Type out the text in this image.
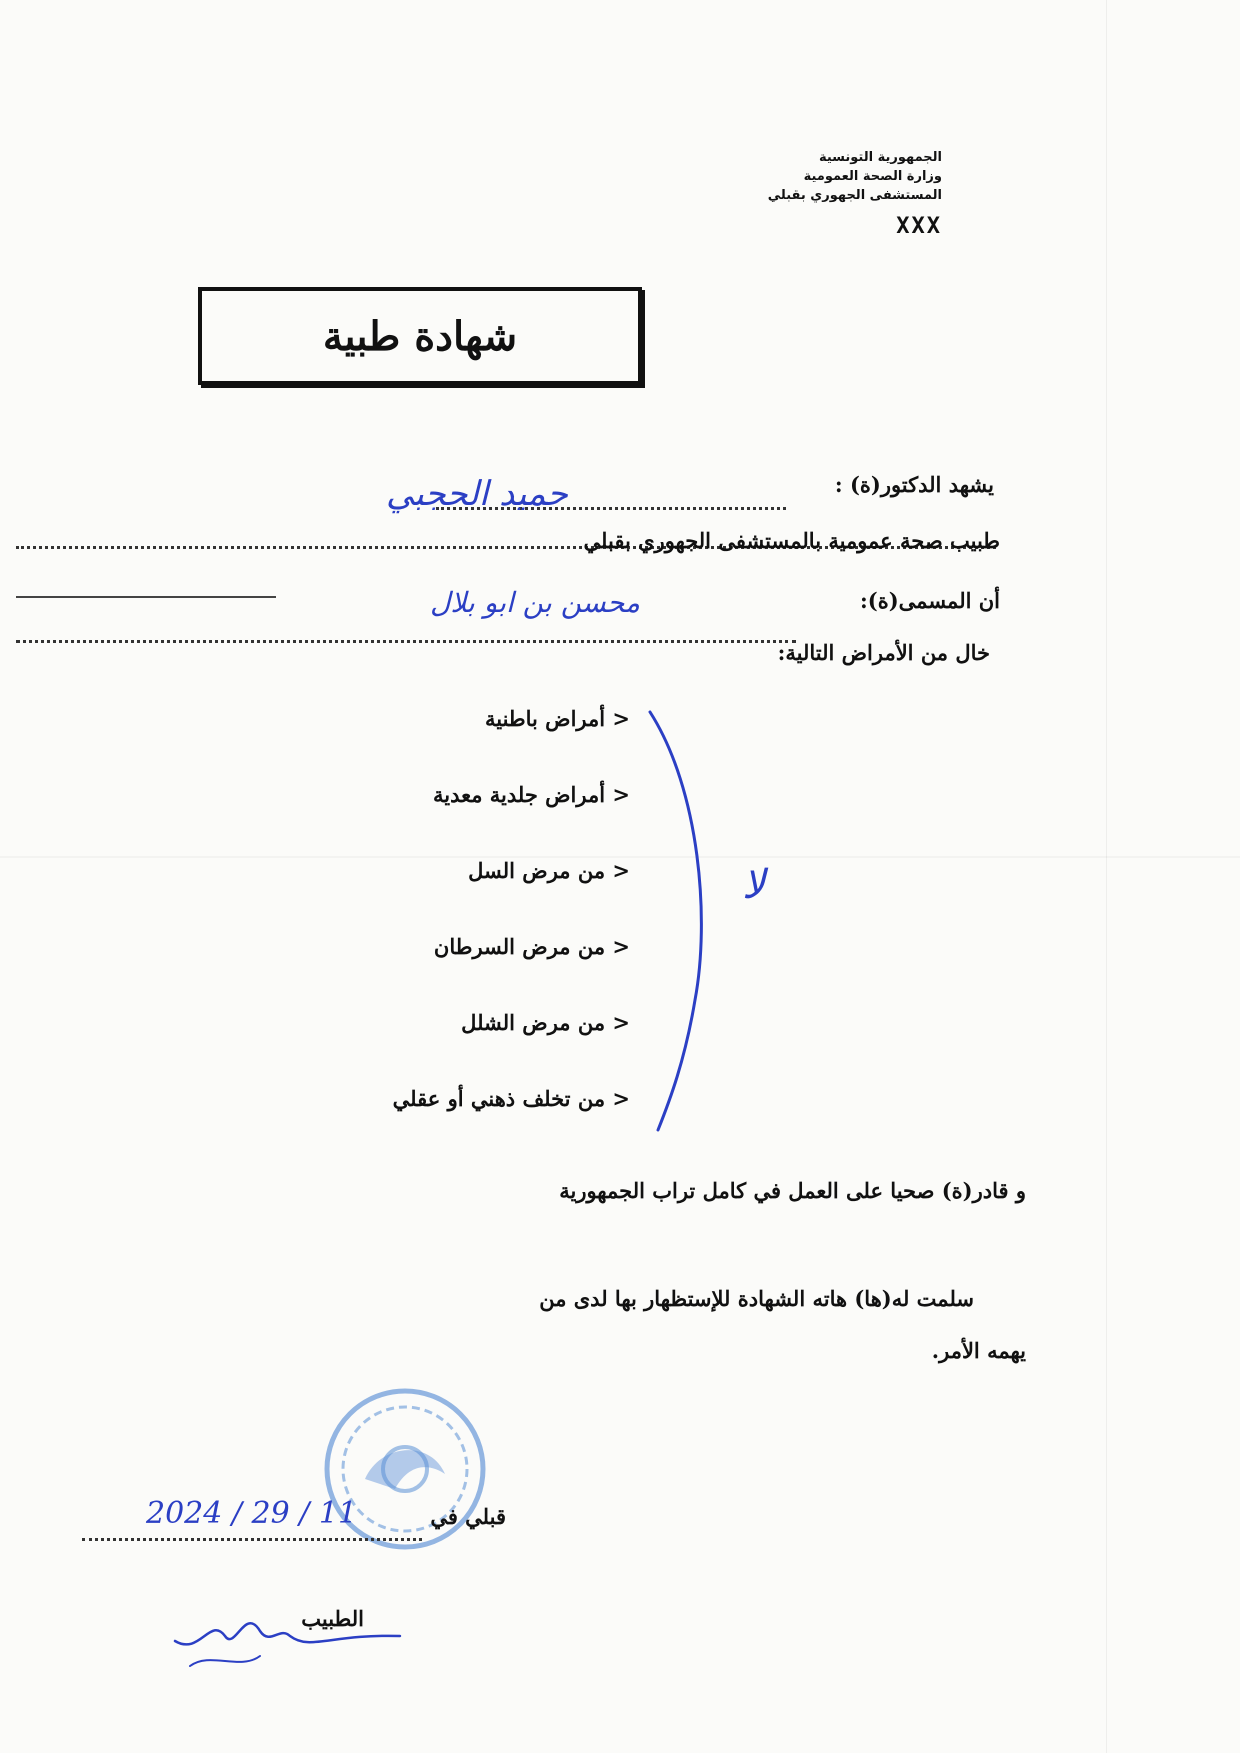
الجمهورية التونسية
وزارة الصحة العمومية
المستشفى الجهوري بقبلي
XXX
شهادة طبية
يشهد الدكتور(ة) :
حميد الحجبي
طبيب صحة عمومية بالمستشفى الجهوري بقبلي
أن المسمى(ة):
محسن بن ابو بلال
خال من الأمراض التالية:
< أمراض باطنية
< أمراض جلدية معدية
< من مرض السل
< من مرض السرطان
< من مرض الشلل
< من تخلف ذهني أو عقلي
لا
و قادر(ة) صحيا على العمل في كامل تراب الجمهورية
سلمت له(ها) هاته الشهادة للإستظهار بها لدى من
يهمه الأمر.
قبلي في
2024 / 29 / 11
الطبيب
